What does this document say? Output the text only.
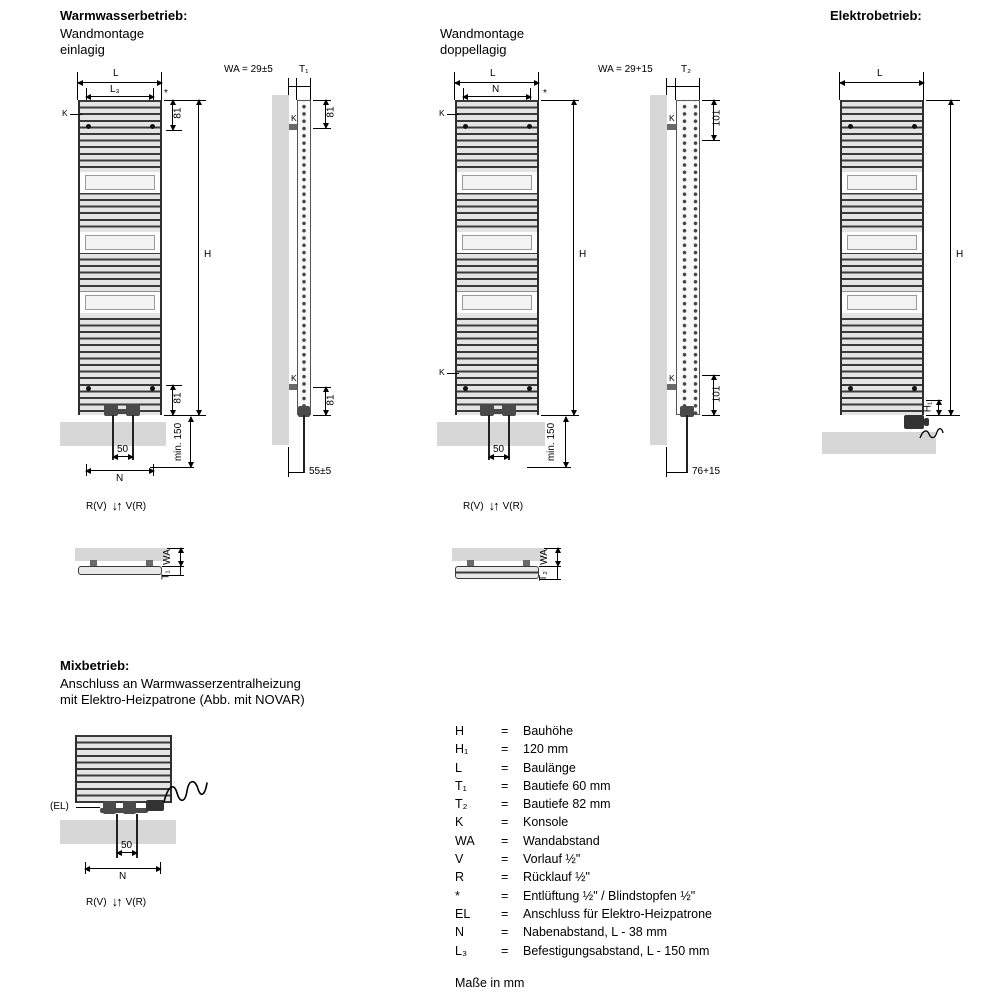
Warmwasserbetrieb:
Wandmontage
einlagig
Wandmontage
doppellagig
Elektrobetrieb:
L
L₃	*
K	81
H
81
min. 150
50
N
R(V) ↓↑ V(R)
WA
T₁
K
K
WA = 29±5	T₁
81
81
55±5
L
N	*
K
K
H
min. 150
50
R(V) ↓↑ V(R)
WA
T₂
K
K
WA = 29+15	T₂
101
101
76+15
L
H
H₁
Mixbetrieb:
Anschluss an Warmwasserzentralheizung
mit Elektro-Heizpatrone (Abb. mit NOVAR)
(EL)
50
N
R(V) ↓↑ V(R)
H	=	Bauhöhe
H₁	=	120 mm
L	=	Baulänge
T₁	=	Bautiefe 60 mm
T₂	=	Bautiefe 82 mm
K	=	Konsole
WA	=	Wandabstand
V	=	Vorlauf ½"
R	=	Rücklauf ½"
*	=	Entlüftung ½" / Blindstopfen ½"
EL	=	Anschluss für Elektro-Heizpatrone
N	=	Nabenabstand, L - 38 mm
L₃	=	Befestigungsabstand, L - 150 mm
Maße in mm
